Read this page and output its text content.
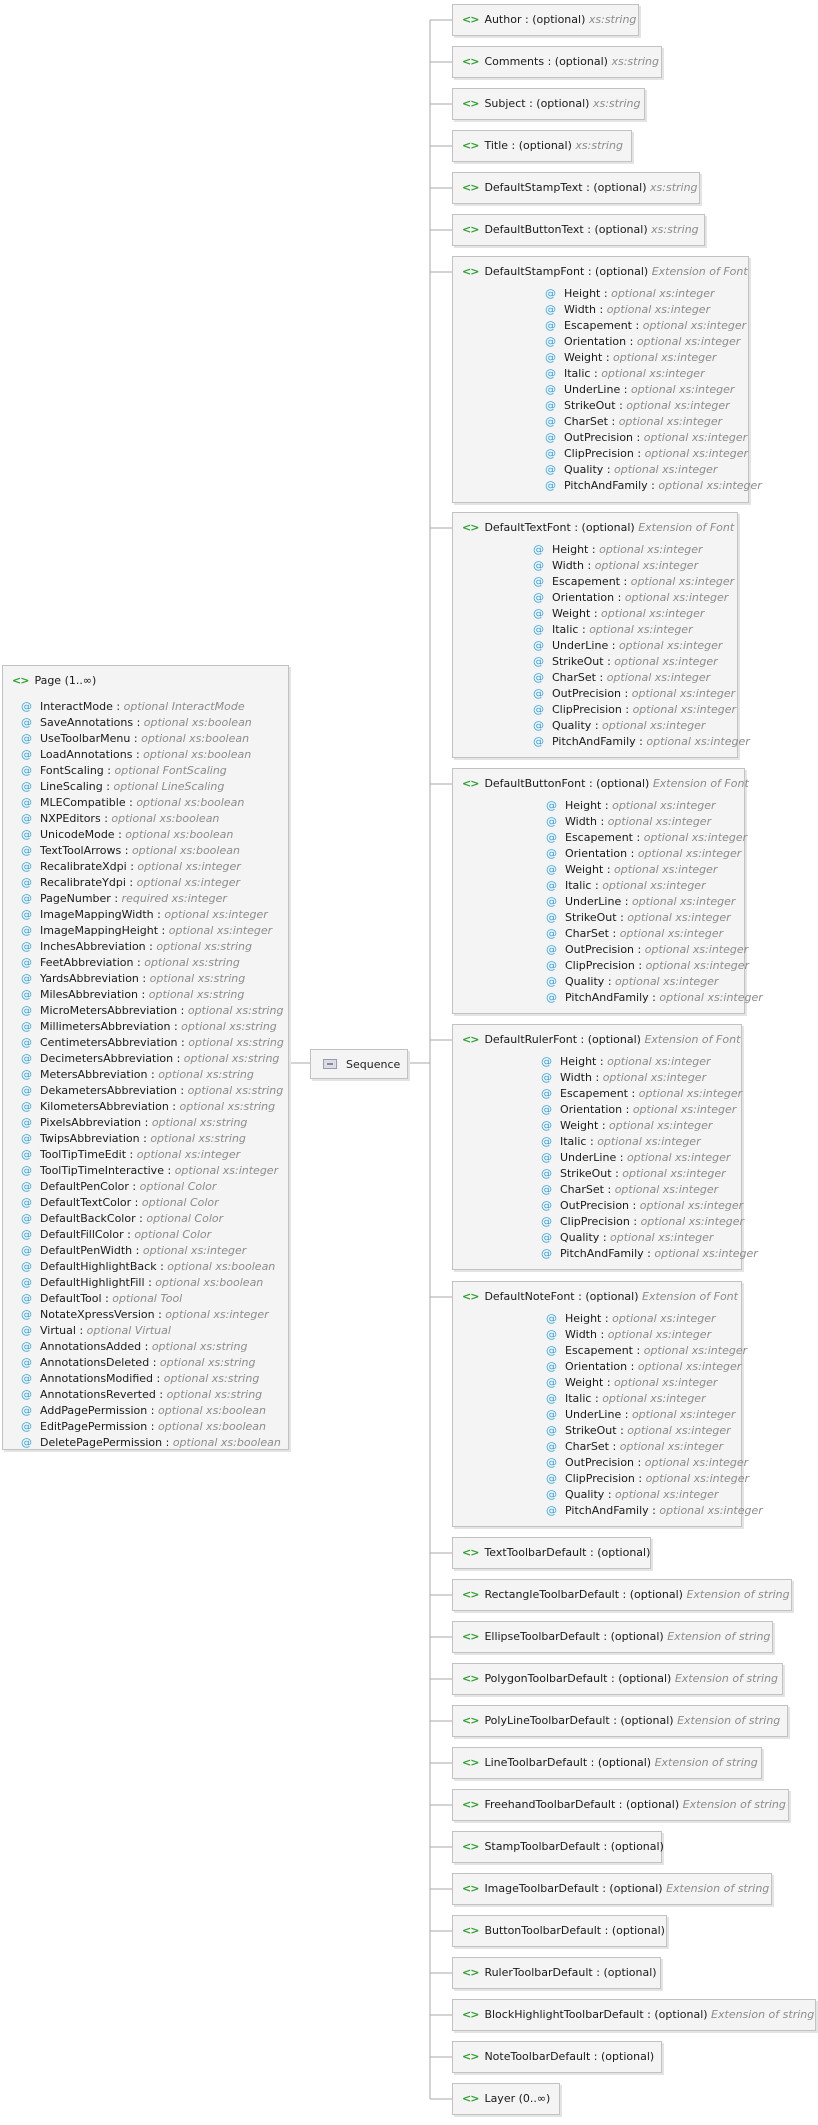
<> Page (1..∞)
@ InteractMode : optional InteractMode
@ SaveAnnotations : optional xs:boolean
@ UseToolbarMenu : optional xs:boolean
@ LoadAnnotations : optional xs:boolean
@ FontScaling : optional FontScaling
@ LineScaling : optional LineScaling
@ MLECompatible : optional xs:boolean
@ NXPEditors : optional xs:boolean
@ UnicodeMode : optional xs:boolean
@ TextToolArrows : optional xs:boolean
@ RecalibrateXdpi : optional xs:integer
@ RecalibrateYdpi : optional xs:integer
@ PageNumber : required xs:integer
@ ImageMappingWidth : optional xs:integer
@ ImageMappingHeight : optional xs:integer
@ InchesAbbreviation : optional xs:string
@ FeetAbbreviation : optional xs:string
@ YardsAbbreviation : optional xs:string
@ MilesAbbreviation : optional xs:string
@ MicroMetersAbbreviation : optional xs:string
@ MillimetersAbbreviation : optional xs:string
@ CentimetersAbbreviation : optional xs:string
@ DecimetersAbbreviation : optional xs:string
@ MetersAbbreviation : optional xs:string
@ DekametersAbbreviation : optional xs:string
@ KilometersAbbreviation : optional xs:string
@ PixelsAbbreviation : optional xs:string
@ TwipsAbbreviation : optional xs:string
@ ToolTipTimeEdit : optional xs:integer
@ ToolTipTimeInteractive : optional xs:integer
@ DefaultPenColor : optional Color
@ DefaultTextColor : optional Color
@ DefaultBackColor : optional Color
@ DefaultFillColor : optional Color
@ DefaultPenWidth : optional xs:integer
@ DefaultHighlightBack : optional xs:boolean
@ DefaultHighlightFill : optional xs:boolean
@ DefaultTool : optional Tool
@ NotateXpressVersion : optional xs:integer
@ Virtual : optional Virtual
@ AnnotationsAdded : optional xs:string
@ AnnotationsDeleted : optional xs:string
@ AnnotationsModified : optional xs:string
@ AnnotationsReverted : optional xs:string
@ AddPagePermission : optional xs:boolean
@ EditPagePermission : optional xs:boolean
@ DeletePagePermission : optional xs:boolean
Sequence
<> Author : (optional) xs:string
<> Comments : (optional) xs:string
<> Subject : (optional) xs:string
<> Title : (optional) xs:string
<> DefaultStampText : (optional) xs:string
<> DefaultButtonText : (optional) xs:string
<> DefaultStampFont : (optional) Extension of Font
@ Height : optional xs:integer
@ Width : optional xs:integer
@ Escapement : optional xs:integer
@ Orientation : optional xs:integer
@ Weight : optional xs:integer
@ Italic : optional xs:integer
@ UnderLine : optional xs:integer
@ StrikeOut : optional xs:integer
@ CharSet : optional xs:integer
@ OutPrecision : optional xs:integer
@ ClipPrecision : optional xs:integer
@ Quality : optional xs:integer
@ PitchAndFamily : optional xs:integer
<> DefaultTextFont : (optional) Extension of Font
@ Height : optional xs:integer
@ Width : optional xs:integer
@ Escapement : optional xs:integer
@ Orientation : optional xs:integer
@ Weight : optional xs:integer
@ Italic : optional xs:integer
@ UnderLine : optional xs:integer
@ StrikeOut : optional xs:integer
@ CharSet : optional xs:integer
@ OutPrecision : optional xs:integer
@ ClipPrecision : optional xs:integer
@ Quality : optional xs:integer
@ PitchAndFamily : optional xs:integer
<> DefaultButtonFont : (optional) Extension of Font
@ Height : optional xs:integer
@ Width : optional xs:integer
@ Escapement : optional xs:integer
@ Orientation : optional xs:integer
@ Weight : optional xs:integer
@ Italic : optional xs:integer
@ UnderLine : optional xs:integer
@ StrikeOut : optional xs:integer
@ CharSet : optional xs:integer
@ OutPrecision : optional xs:integer
@ ClipPrecision : optional xs:integer
@ Quality : optional xs:integer
@ PitchAndFamily : optional xs:integer
<> DefaultRulerFont : (optional) Extension of Font
@ Height : optional xs:integer
@ Width : optional xs:integer
@ Escapement : optional xs:integer
@ Orientation : optional xs:integer
@ Weight : optional xs:integer
@ Italic : optional xs:integer
@ UnderLine : optional xs:integer
@ StrikeOut : optional xs:integer
@ CharSet : optional xs:integer
@ OutPrecision : optional xs:integer
@ ClipPrecision : optional xs:integer
@ Quality : optional xs:integer
@ PitchAndFamily : optional xs:integer
<> DefaultNoteFont : (optional) Extension of Font
@ Height : optional xs:integer
@ Width : optional xs:integer
@ Escapement : optional xs:integer
@ Orientation : optional xs:integer
@ Weight : optional xs:integer
@ Italic : optional xs:integer
@ UnderLine : optional xs:integer
@ StrikeOut : optional xs:integer
@ CharSet : optional xs:integer
@ OutPrecision : optional xs:integer
@ ClipPrecision : optional xs:integer
@ Quality : optional xs:integer
@ PitchAndFamily : optional xs:integer
<> TextToolbarDefault : (optional)
<> RectangleToolbarDefault : (optional) Extension of string
<> EllipseToolbarDefault : (optional) Extension of string
<> PolygonToolbarDefault : (optional) Extension of string
<> PolyLineToolbarDefault : (optional) Extension of string
<> LineToolbarDefault : (optional) Extension of string
<> FreehandToolbarDefault : (optional) Extension of string
<> StampToolbarDefault : (optional)
<> ImageToolbarDefault : (optional) Extension of string
<> ButtonToolbarDefault : (optional)
<> RulerToolbarDefault : (optional)
<> BlockHighlightToolbarDefault : (optional) Extension of string
<> NoteToolbarDefault : (optional)
<> Layer (0..∞)
